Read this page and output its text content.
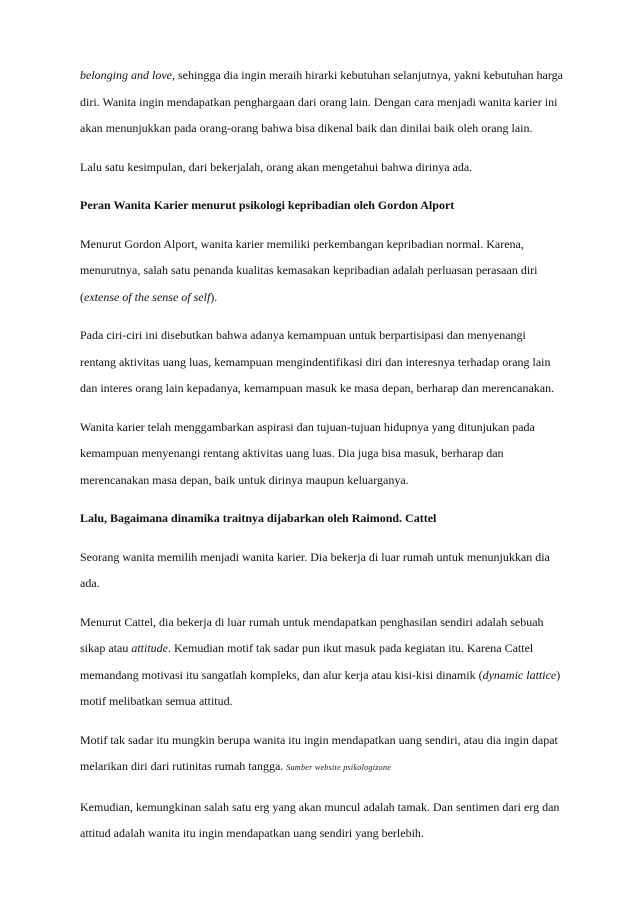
belonging and love, sehingga dia ingin meraih hirarki kebutuhan selanjutnya, yakni kebutuhan harga diri. Wanita ingin mendapatkan penghargaan dari orang lain. Dengan cara menjadi wanita karier ini akan menunjukkan pada orang-orang bahwa bisa dikenal baik dan dinilai baik oleh orang lain.

Lalu satu kesimpulan, dari bekerjalah, orang akan mengetahui bahwa dirinya ada.

Peran Wanita Karier menurut psikologi kepribadian oleh Gordon Alport

Menurut Gordon Alport, wanita karier memiliki perkembangan kepribadian normal. Karena, menurutnya, salah satu penanda kualitas kemasakan kepribadian adalah perluasan perasaan diri (extense of the sense of self).

Pada ciri-ciri ini disebutkan bahwa adanya kemampuan untuk berpartisipasi dan menyenangi rentang aktivitas uang luas, kemampuan mengindentifikasi diri dan interesnya terhadap orang lain dan interes orang lain kepadanya, kemampuan masuk ke masa depan, berharap dan merencanakan.

Wanita karier telah menggambarkan aspirasi dan tujuan-tujuan hidupnya yang ditunjukan pada kemampuan menyenangi rentang aktivitas uang luas. Dia juga bisa masuk, berharap dan merencanakan masa depan, baik untuk dirinya maupun keluarganya.

Lalu, Bagaimana dinamika traitnya dijabarkan oleh Raimond. Cattel

Seorang wanita memilih menjadi wanita karier. Dia bekerja di luar rumah untuk menunjukkan dia ada.

Menurut Cattel, dia bekerja di luar rumah untuk mendapatkan penghasilan sendiri adalah sebuah sikap atau attitude. Kemudian motif tak sadar pun ikut masuk pada kegiatan itu. Karena Cattel memandang motivasi itu sangatlah kompleks, dan alur kerja atau kisi-kisi dinamik (dynamic lattice) motif melibatkan semua attitud.

Motif tak sadar itu mungkin berupa wanita itu ingin mendapatkan uang sendiri, atau dia ingin dapat melarikan diri dari rutinitas rumah tangga. Sumber website psikologizone

Kemudian, kemungkinan salah satu erg yang akan muncul adalah tamak. Dan sentimen dari erg dan attitud adalah wanita itu ingin mendapatkan uang sendiri yang berlebih.
